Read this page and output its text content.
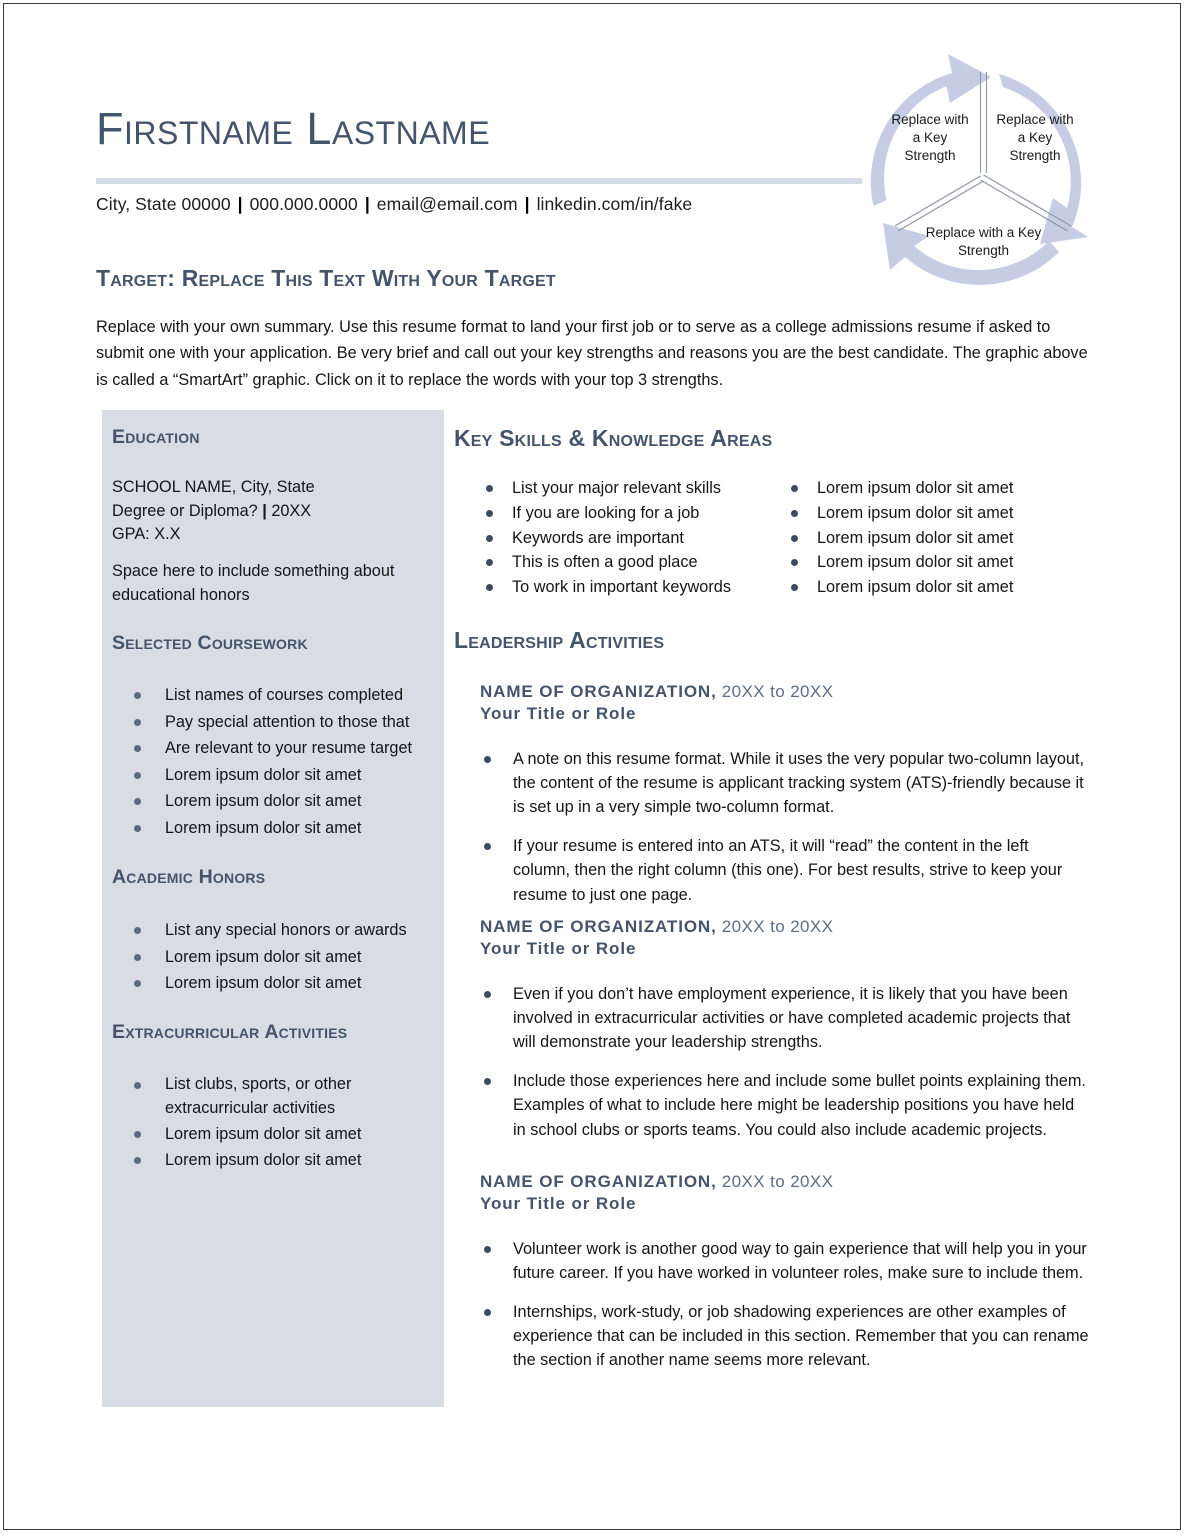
Firstname Lastname
City, State 00000 | 000.000.0000 | email@email.com | linkedin.com/in/fake
Replace with a Key Strength
Replace with a Key Strength
Replace with a Key Strength
Target: Replace This Text With Your Target
Replace with your own summary. Use this resume format to land your first job or to serve as a college admissions resume if asked to submit one with your application. Be very brief and call out your key strengths and reasons you are the best candidate. The graphic above is called a “SmartArt” graphic. Click on it to replace the words with your top 3 strengths.
Education
SCHOOL NAME, City, State
Degree or Diploma? | 20XX
GPA: X.X
Space here to include something about educational honors
Selected Coursework
List names of courses completed
Pay special attention to those that
Are relevant to your resume target
Lorem ipsum dolor sit amet
Lorem ipsum dolor sit amet
Lorem ipsum dolor sit amet
Academic Honors
List any special honors or awards
Lorem ipsum dolor sit amet
Lorem ipsum dolor sit amet
Extracurricular Activities
List clubs, sports, or other extracurricular activities
Lorem ipsum dolor sit amet
Lorem ipsum dolor sit amet
Key Skills & Knowledge Areas
List your major relevant skills
If you are looking for a job
Keywords are important
This is often a good place
To work in important keywords
Lorem ipsum dolor sit amet
Lorem ipsum dolor sit amet
Lorem ipsum dolor sit amet
Lorem ipsum dolor sit amet
Lorem ipsum dolor sit amet
Leadership Activities
NAME OF ORGANIZATION, 20XX to 20XX
Your Title or Role
A note on this resume format. While it uses the very popular two-column layout, the content of the resume is applicant tracking system (ATS)-friendly because it is set up in a very simple two-column format.
If your resume is entered into an ATS, it will “read” the content in the left column, then the right column (this one). For best results, strive to keep your resume to just one page.
NAME OF ORGANIZATION, 20XX to 20XX
Your Title or Role
Even if you don’t have employment experience, it is likely that you have been involved in extracurricular activities or have completed academic projects that will demonstrate your leadership strengths.
Include those experiences here and include some bullet points explaining them. Examples of what to include here might be leadership positions you have held in school clubs or sports teams. You could also include academic projects.
NAME OF ORGANIZATION, 20XX to 20XX
Your Title or Role
Volunteer work is another good way to gain experience that will help you in your future career. If you have worked in volunteer roles, make sure to include them.
Internships, work-study, or job shadowing experiences are other examples of experience that can be included in this section. Remember that you can rename the section if another name seems more relevant.
